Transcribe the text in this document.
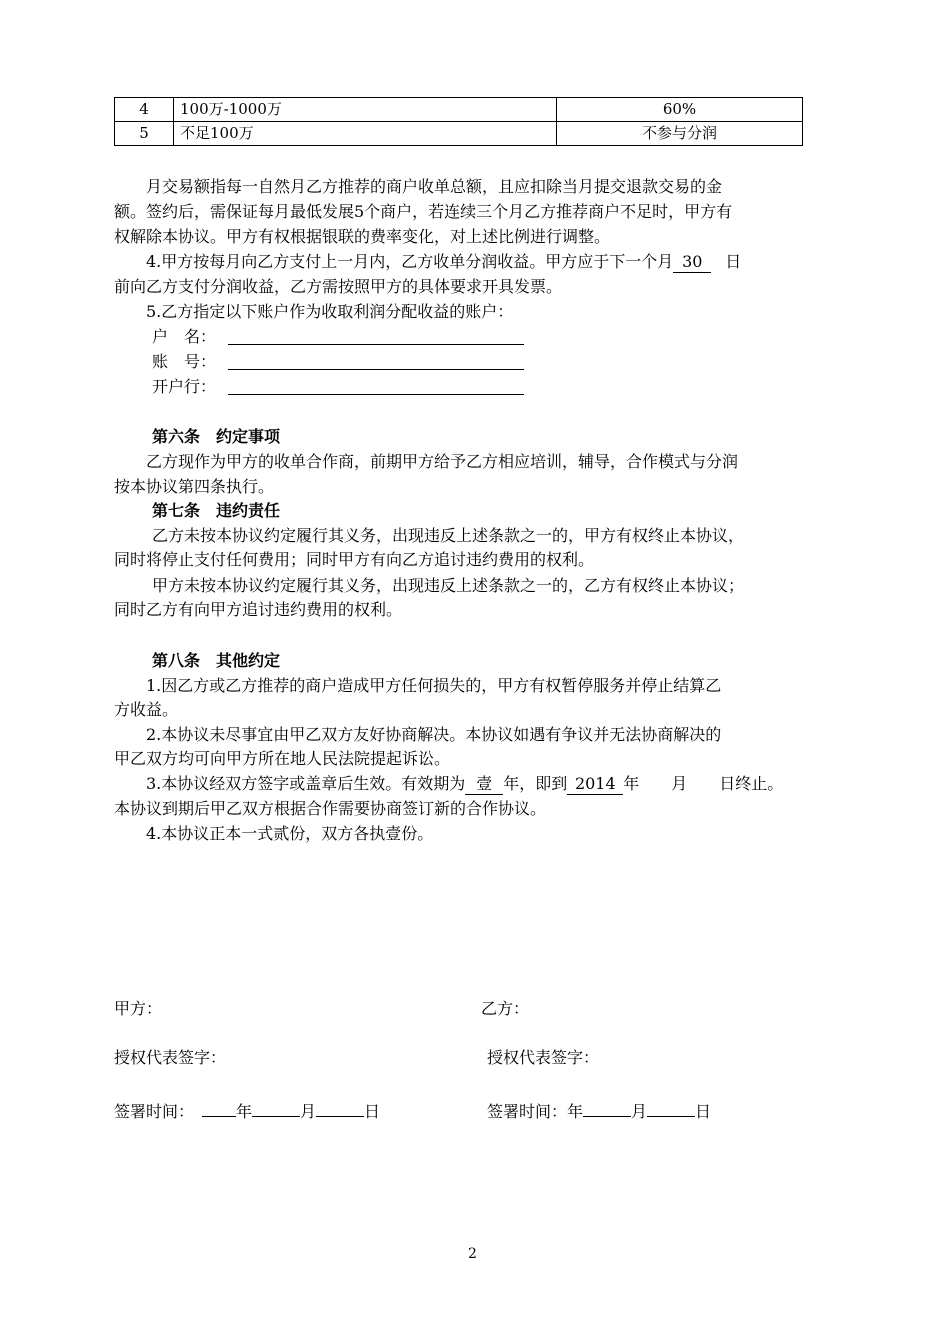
4	100万-1000万	60%
5	不足100万	不参与分润
月交易额指每一自然月乙方推荐的商户收单总额，且应扣除当月提交退款交易的金
额。签约后，需保证每月最低发展5个商户，若连续三个月乙方推荐商户不足时，甲方有
权解除本协议。甲方有权根据银联的费率变化，对上述比例进行调整。
4.甲方按每月向乙方支付上一月内，乙方收单分润收益。甲方应于下一个月 30 日
前向乙方支付分润收益，乙方需按照甲方的具体要求开具发票。
5.乙方指定以下账户作为收取利润分配收益的账户：
户　名：
账　号：
开户行：
第六条　约定事项
乙方现作为甲方的收单合作商，前期甲方给予乙方相应培训，辅导，合作模式与分润
按本协议第四条执行。
第七条　违约责任
乙方未按本协议约定履行其义务，出现违反上述条款之一的，甲方有权终止本协议，
同时将停止支付任何费用；同时甲方有向乙方追讨违约费用的权利。
甲方未按本协议约定履行其义务，出现违反上述条款之一的，乙方有权终止本协议；
同时乙方有向甲方追讨违约费用的权利。
第八条　其他约定
1.因乙方或乙方推荐的商户造成甲方任何损失的，甲方有权暂停服务并停止结算乙
方收益。
2.本协议未尽事宜由甲乙双方友好协商解决。本协议如遇有争议并无法协商解决的
甲乙双方均可向甲方所在地人民法院提起诉讼。
3.本协议经双方签字或盖章后生效。有效期为 壹 年，即到 2014 年　　月　　日终止。
本协议到期后甲乙双方根据合作需要协商签订新的合作协议。
4.本协议正本一式贰份，双方各执壹份。
甲方：	乙方：
授权代表签字：	授权代表签字：
签署时间：	年	月	日	签署时间：年	月	日
2
